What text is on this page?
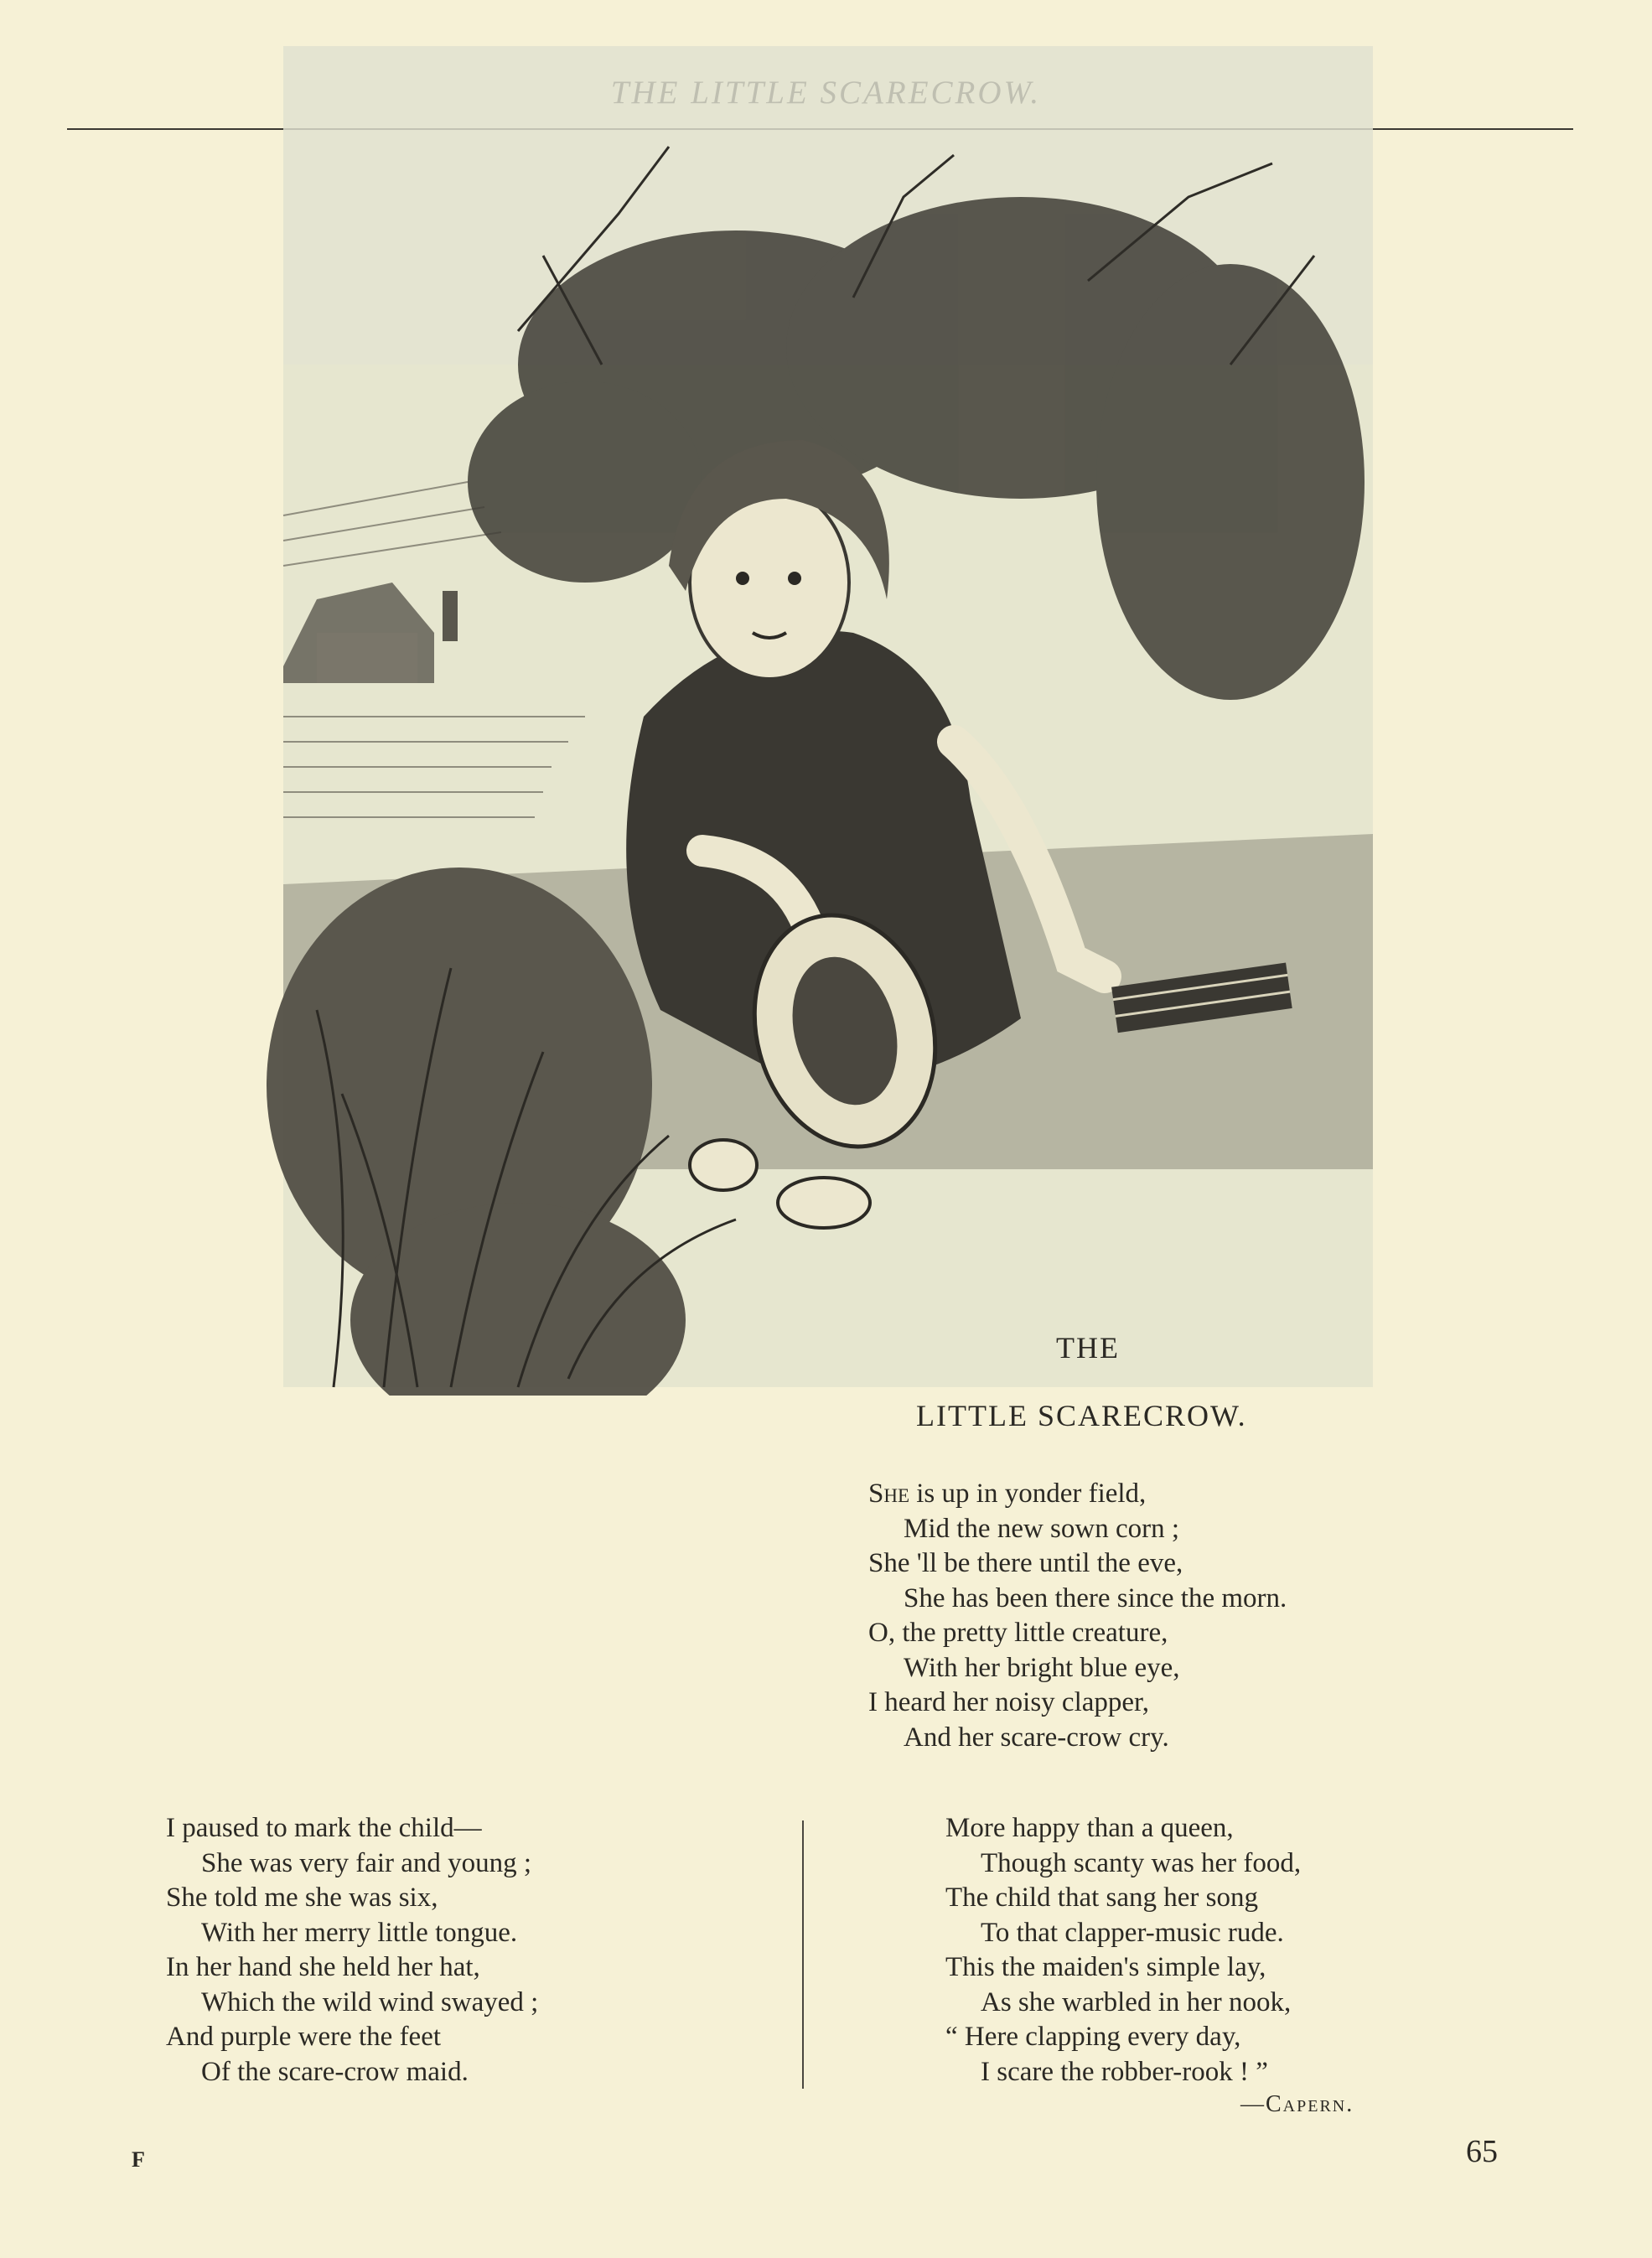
THE
LITTLE SCARECROW.
She is up in yonder field,
Mid the new sown corn ;
She 'll be there until the eve,
She has been there since the morn.
O, the pretty little creature,
With her bright blue eye,
I heard her noisy clapper,
And her scare-crow cry.
I paused to mark the child—
She was very fair and young ;
She told me she was six,
With her merry little tongue.
In her hand she held her hat,
Which the wild wind swayed ;
And purple were the feet
Of the scare-crow maid.
More happy than a queen,
Though scanty was her food,
The child that sang her song
To that clapper-music rude.
This the maiden's simple lay,
As she warbled in her nook,
“ Here clapping every day,
I scare the robber-rook ! ”
—Capern.
F	65
